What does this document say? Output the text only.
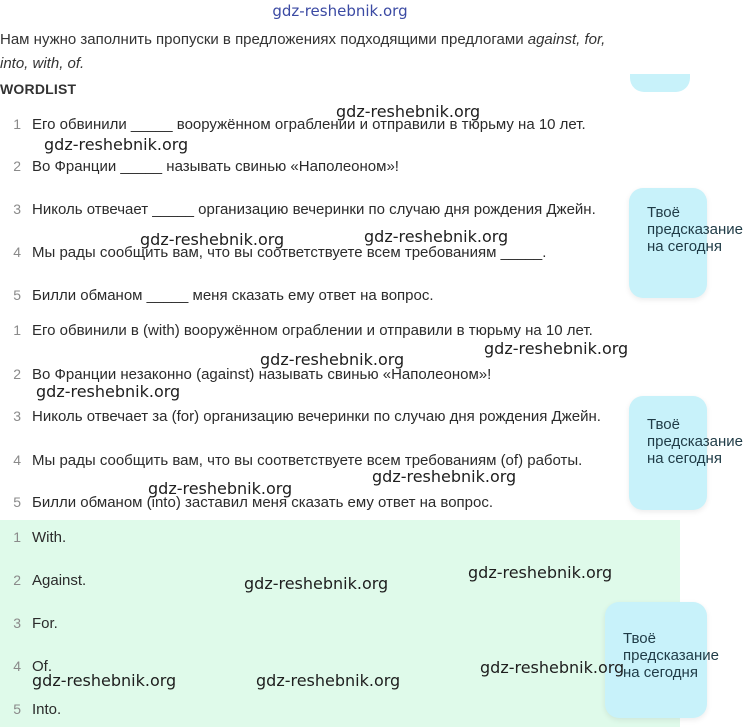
gdz-reshebnik.org
Нам нужно заполнить пропуски в предложениях подходящими предлогами against, for,
into, with, of.
WORDLIST
1 Его обвинили _____ вооружённом ограблении и отправили в тюрьму на 10 лет.
2 Во Франции _____ называть свинью «Наполеоном»!
3 Николь отвечает _____ организацию вечеринки по случаю дня рождения Джейн.
4 Мы рады сообщить вам, что вы соответствуете всем требованиям _____.
5 Билли обманом _____ меня сказать ему ответ на вопрос.
1 Его обвинили в (with) вооружённом ограблении и отправили в тюрьму на 10 лет.
2 Во Франции незаконно (against) называть свинью «Наполеоном»!
3 Николь отвечает за (for) организацию вечеринки по случаю дня рождения Джейн.
4 Мы рады сообщить вам, что вы соответствуете всем требованиям (of) работы.
5 Билли обманом (into) заставил меня сказать ему ответ на вопрос.
1 With.
2 Against.
3 For.
4 Of.
5 Into.
Твоё
предсказание
на сегодня
Твоё
предсказание
на сегодня
Твоё
предсказание
на сегодня
gdz-reshebnik.org
gdz-reshebnik.org
gdz-reshebnik.org	gdz-reshebnik.org
gdz-reshebnik.org
gdz-reshebnik.org
gdz-reshebnik.org
gdz-reshebnik.org
gdz-reshebnik.org
gdz-reshebnik.org
gdz-reshebnik.org
gdz-reshebnik.org
gdz-reshebnik.org	gdz-reshebnik.org
